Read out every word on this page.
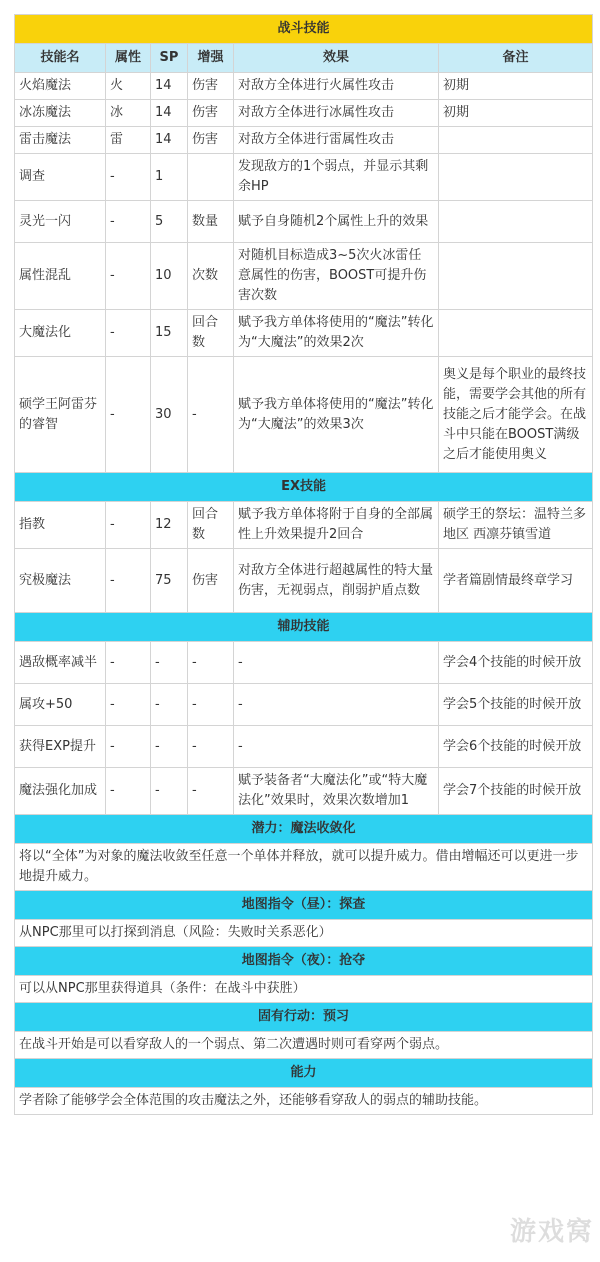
战斗技能					
技能名	属性	SP	增强	效果	备注
火焰魔法	火	14	伤害	对敌方全体进行火属性攻击	初期
冰冻魔法	冰	14	伤害	对敌方全体进行冰属性攻击	初期
雷击魔法	雷	14	伤害	对敌方全体进行雷属性攻击	
调查	-	1		发现敌方的1个弱点，并显示其剩余HP	
灵光一闪	-	5	数量	赋予自身随机2个属性上升的效果	
属性混乱	-	10	次数	对随机目标造成3~5次火冰雷任意属性的伤害，BOOST可提升伤害次数	
大魔法化	-	15	回合数	赋予我方单体将使用的“魔法”转化为“大魔法”的效果2次	
硕学王阿雷芬的睿智	-	30	-	赋予我方单体将使用的“魔法”转化为“大魔法”的效果3次	奥义是每个职业的最终技能，需要学会其他的所有技能之后才能学会。在战斗中只能在BOOST满级之后才能使用奥义
EX技能					
指教	-	12	回合数	赋予我方单体将附于自身的全部属性上升效果提升2回合	硕学王的祭坛：温特兰多地区 西凛芬镇雪道
究极魔法	-	75	伤害	对敌方全体进行超越属性的特大量伤害，无视弱点，削弱护盾点数	学者篇剧情最终章学习
辅助技能					
遇敌概率减半	-	-	-	-	学会4个技能的时候开放
属攻+50	-	-	-	-	学会5个技能的时候开放
获得EXP提升	-	-	-	-	学会6个技能的时候开放
魔法强化加成	-	-	-	赋予装备者“大魔法化”或“特大魔法化”效果时，效果次数增加1	学会7个技能的时候开放
潜力：魔法收敛化					
将以“全体”为对象的魔法收敛至任意一个单体并释放，就可以提升威力。借由增幅还可以更进一步地提升威力。					
地图指令（昼）：探查					
从NPC那里可以打探到消息（风险：失败时关系恶化）					
地图指令（夜）：抢夺					
可以从NPC那里获得道具（条件：在战斗中获胜）					
固有行动：预习					
在战斗开始是可以看穿敌人的一个弱点、第二次遭遇时则可看穿两个弱点。					
能力					
学者除了能够学会全体范围的攻击魔法之外，还能够看穿敌人的弱点的辅助技能。					
游戏窝
